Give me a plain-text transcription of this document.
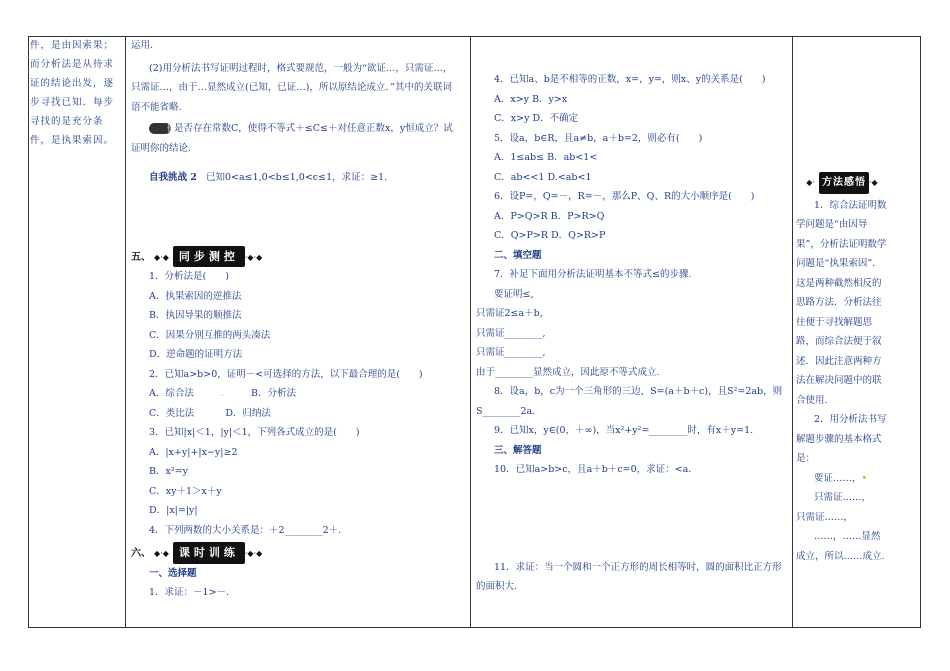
件，是由因索果；

而分析法是从待求

证的结论出发，逐

步寻找已知．每步

寻找的是充分条

件，是执果索因。

运用.

(2)用分析法书写证明过程时，格式要规范，一般为“欲证…，只需证…，只需证…，由于…显然成立(已知，已证…)，所以原结论成立．”其中的关联词语不能省略.

例① 是否存在常数C，使得不等式＋≤C≤＋对任意正数x，y恒成立？试证明你的结论.

自我挑战 2 已知0<a≤1,0<b≤1,0<c≤1，求证：≥1.

五、 ◆·◆ 同步测控 ·◆·◆

1．分析法是(　　)

A．执果索因的逆推法

B．执因导果的顺推法

C．因果分别互推的两头凑法

D．逆命题的证明方法

2．已知a>b>0，证明－<可选择的方法，以下最合理的是(　　)

A．综合法	.	B．分析法

C．类比法	D．归纳法

3．已知|x|＜1，|y|＜1，下列各式成立的是(　　)

A．|x+y|+|x−y|≥2

B．x²=y

C．xy＋1＞x＋y

D．|x|=|y|

4．下列两数的大小关系是：＋2________2＋.

六、 ◆·◆ 课时训练 ·◆·◆

一、选择题

1．求证：－1>－.

4．已知a、b是不相等的正数，x=，y=，则x、y的关系是(　　)

A．x>y B．y>x

C．x>y D．不确定

5．设a，b∈R，且a≠b，a＋b=2，则必有(　　)

A．1≤ab≤ B．ab<1<

C．ab<<1 D.<ab<1

6．设P=，Q=－，R=－，那么P、Q、R的大小顺序是(　　)

A．P>Q>R B．P>R>Q

C．Q>P>R D．Q>R>P

二、填空题

7．补足下面用分析法证明基本不等式≤的步骤.

要证明≤,

只需证2≤a＋b,

只需证________,

只需证________,

由于________显然成立，因此原不等式成立.

8．设a，b，c为一个三角形的三边，S=(a＋b＋c)，且S²=2ab，则S________2a.

9．已知x，y∈(0，＋∞)，当x²+y²=________时，有x＋y=1.

三、解答题

10．已知a>b>c，且a＋b＋c=0，求证：<a.

11．求证：当一个圆和一个正方形的周长相等时，圆的面积比正方形的面积大.

◆· 方法感悟 ·◆

1．综合法证明数学问题是“由因导果”，分析法证明数学问题是“执果索因”．这是两种截然相反的思路方法．分析法往往便于寻找解题思路，而综合法便于叙述．因此注意两种方法在解决问题中的联合使用.

2．用分析法书写解题步骤的基本格式是：

要证……，•

只需证……，

只需证……，

……，……显然成立，所以……成立.
